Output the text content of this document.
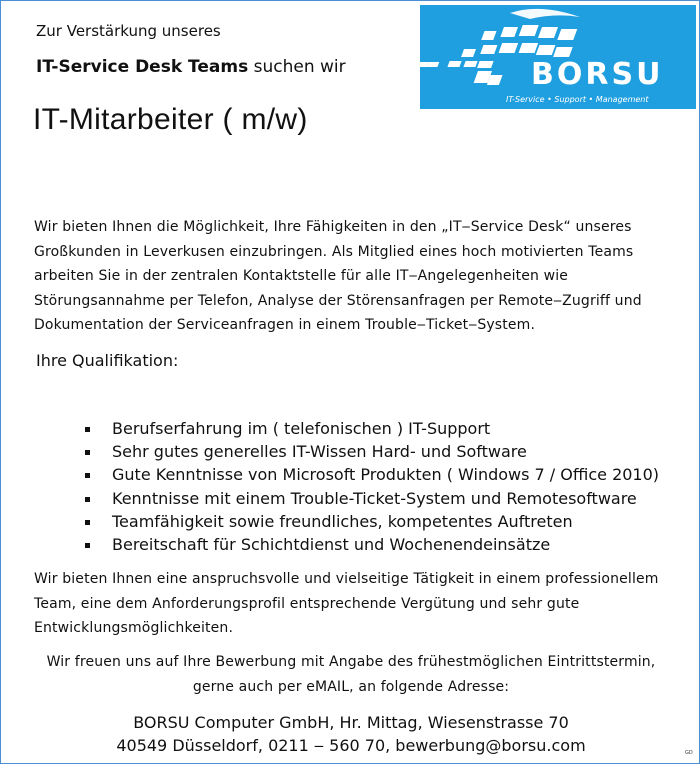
Zur Verstärkung unseres
IT-Service Desk Teams suchen wir
IT-Mitarbeiter ( m/w)
BORSU
IT-Service • Support • Management
Wir bieten Ihnen die Möglichkeit, Ihre Fähigkeiten in den „IT‒Service Desk“ unseres
Großkunden in Leverkusen einzubringen. Als Mitglied eines hoch motivierten Teams
arbeiten Sie in der zentralen Kontaktstelle für alle IT‒Angelegenheiten wie
Störungsannahme per Telefon, Analyse der Störensanfragen per Remote‒Zugriff und
Dokumentation der Serviceanfragen in einem Trouble‒Ticket‒System.
Ihre Qualifikation:
Berufserfahrung im ( telefonischen ) IT-Support
Sehr gutes generelles IT-Wissen Hard- und Software
Gute Kenntnisse von Microsoft Produkten ( Windows 7 / Office 2010)
Kenntnisse mit einem Trouble-Ticket-System und Remotesoftware
Teamfähigkeit sowie freundliches, kompetentes Auftreten
Bereitschaft für Schichtdienst und Wochenendeinsätze
Wir bieten Ihnen eine anspruchsvolle und vielseitige Tätigkeit in einem professionellem
Team, eine dem Anforderungsprofil entsprechende Vergütung und sehr gute
Entwicklungsmöglichkeiten.
Wir freuen uns auf Ihre Bewerbung mit Angabe des frühestmöglichen Eintrittstermin,
gerne auch per eMAIL, an folgende Adresse:
BORSU Computer GmbH, Hr. Mittag, Wiesenstrasse 70
40549 Düsseldorf, 0211 ‒ 560 70, bewerbung@borsu.com	GD
